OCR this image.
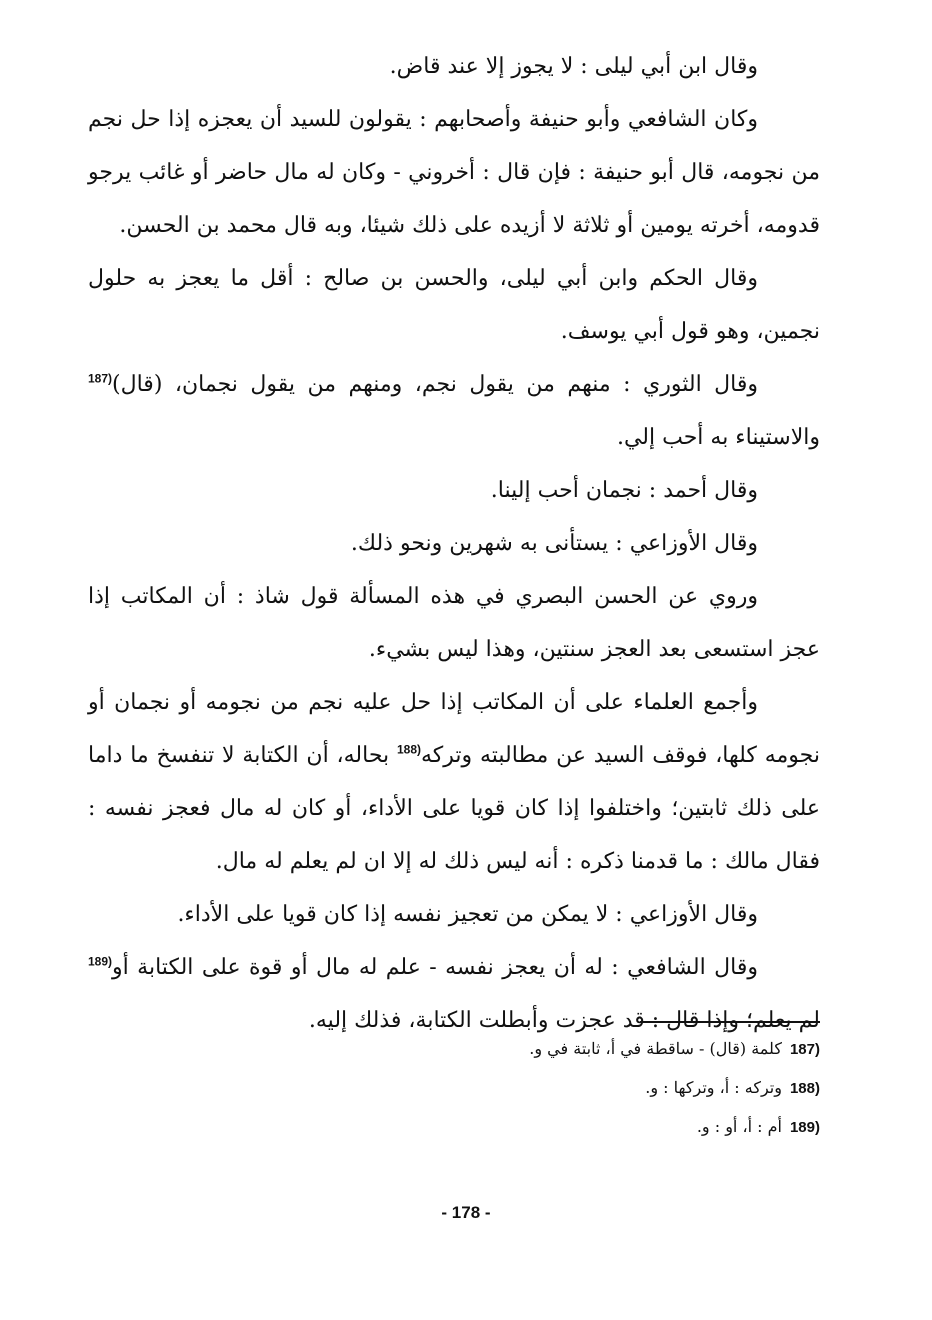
وقال ابن أبي ليلى : لا يجوز إلا عند قاض.

وكان الشافعي وأبو حنيفة وأصحابهم : يقولون للسيد أن يعجزه إذا حل نجم من نجومه، قال أبو حنيفة : فإن قال : أخروني - وكان له مال حاضر أو غائب يرجو قدومه، أخرته يومين أو ثلاثة لا أزيده على ذلك شيئا، وبه قال محمد بن الحسن.

وقال الحكم وابن أبي ليلى، والحسن بن صالح : أقل ما يعجز به حلول نجمين، وهو قول أبي يوسف.

وقال الثوري : منهم من يقول نجم، ومنهم من يقول نجمان، (قال)$^{(187}$ والاستيناء به أحب إلي.

وقال أحمد : نجمان أحب إلينا.

وقال الأوزاعي : يستأنى به شهرين ونحو ذلك.

وروي عن الحسن البصري في هذه المسألة قول شاذ : أن المكاتب إذا عجز استسعى بعد العجز سنتين، وهذا ليس بشيء.

وأجمع العلماء على أن المكاتب إذا حل عليه نجم من نجومه أو نجمان أو نجومه كلها، فوقف السيد عن مطالبته وتركه$^{(188}$ بحاله، أن الكتابة لا تنفسخ ما داما على ذلك ثابتين؛ واختلفوا إذا كان قويا على الأداء، أو كان له مال فعجز نفسه : فقال مالك : ما قدمنا ذكره : أنه ليس ذلك له إلا ان لم يعلم له مال.

وقال الأوزاعي : لا يمكن من تعجيز نفسه إذا كان قويا على الأداء.

وقال الشافعي : له أن يعجز نفسه - علم له مال أو قوة على الكتابة أو$^{(189}$ لم يعلم؛ وإذا قال : قد عجزت وأبطلت الكتابة، فذلك إليه.

(187كلمة (قال) - ساقطة في أ، ثابتة في و.
(188وتركه : أ، وتركها : و.
(189أم : أ، أو : و.
- 178 -
